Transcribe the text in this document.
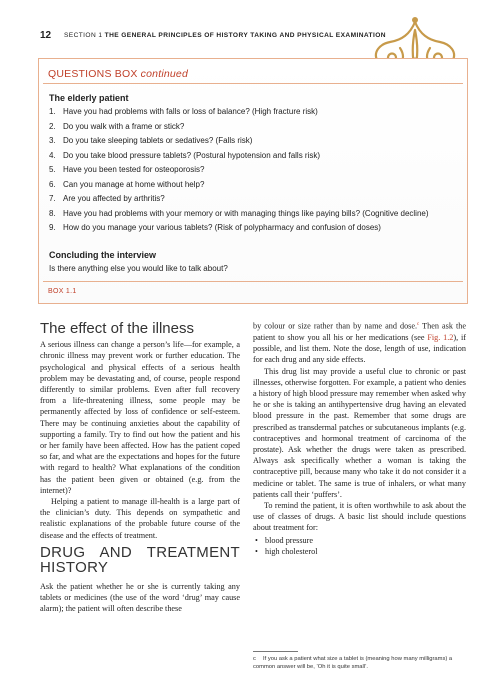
12 SECTION 1 THE GENERAL PRINCIPLES OF HISTORY TAKING AND PHYSICAL EXAMINATION
QUESTIONS BOX continued
The elderly patient
1. Have you had problems with falls or loss of balance? (High fracture risk)
2. Do you walk with a frame or stick?
3. Do you take sleeping tablets or sedatives? (Falls risk)
4. Do you take blood pressure tablets? (Postural hypotension and falls risk)
5. Have you been tested for osteoporosis?
6. Can you manage at home without help?
7. Are you affected by arthritis?
8. Have you had problems with your memory or with managing things like paying bills? (Cognitive decline)
9. How do you manage your various tablets? (Risk of polypharmacy and confusion of doses)
Concluding the interview
Is there anything else you would like to talk about?
BOX 1.1

The effect of the illness

A serious illness can change a person’s life—for example, a chronic illness may prevent work or further education. The psychological and physical effects of a serious health problem may be devastating and, of course, people respond differently to similar problems. Even after full recovery from a life-threatening illness, some people may be permanently affected by loss of confidence or self-esteem. There may be continuing anxieties about the capability of supporting a family. Try to find out how the patient and his or her family have been affected. How has the patient coped so far, and what are the expectations and hopes for the future with regard to health? What explanations of the condition has the patient been given or obtained (e.g. from the internet)?

Helping a patient to manage ill-health is a large part of the clinician’s duty. This depends on sympathetic and realistic explanations of the probable future course of the disease and the effects of treatment.

DRUG AND TREATMENT HISTORY

Ask the patient whether he or she is currently taking any tablets or medicines (the use of the word ‘drug’ may cause alarm); the patient will often describe these

by colour or size rather than by name and dose.$^c$ Then ask the patient to show you all his or her medications (see Fig. 1.2), if possible, and list them. Note the dose, length of use, indication for each drug and any side effects.

This drug list may provide a useful clue to chronic or past illnesses, otherwise forgotten. For example, a patient who denies a history of high blood pressure may remember when asked why he or she is taking an antihypertensive drug having an elevated blood pressure in the past. Remember that some drugs are prescribed as transdermal patches or subcutaneous implants (e.g. contraceptives and hormonal treatment of carcinoma of the prostate). Ask whether the drugs were taken as prescribed. Always ask specifically whether a woman is taking the contraceptive pill, because many who take it do not consider it a medicine or tablet. The same is true of inhalers, or what many patients call their ‘puffers’.

To remind the patient, it is often worthwhile to ask about the use of classes of drugs. A basic list should include questions about treatment for:

• blood pressure
• high cholesterol
c If you ask a patient what size a tablet is (meaning how many milligrams) a common answer will be, ‘Oh it is quite small’.
